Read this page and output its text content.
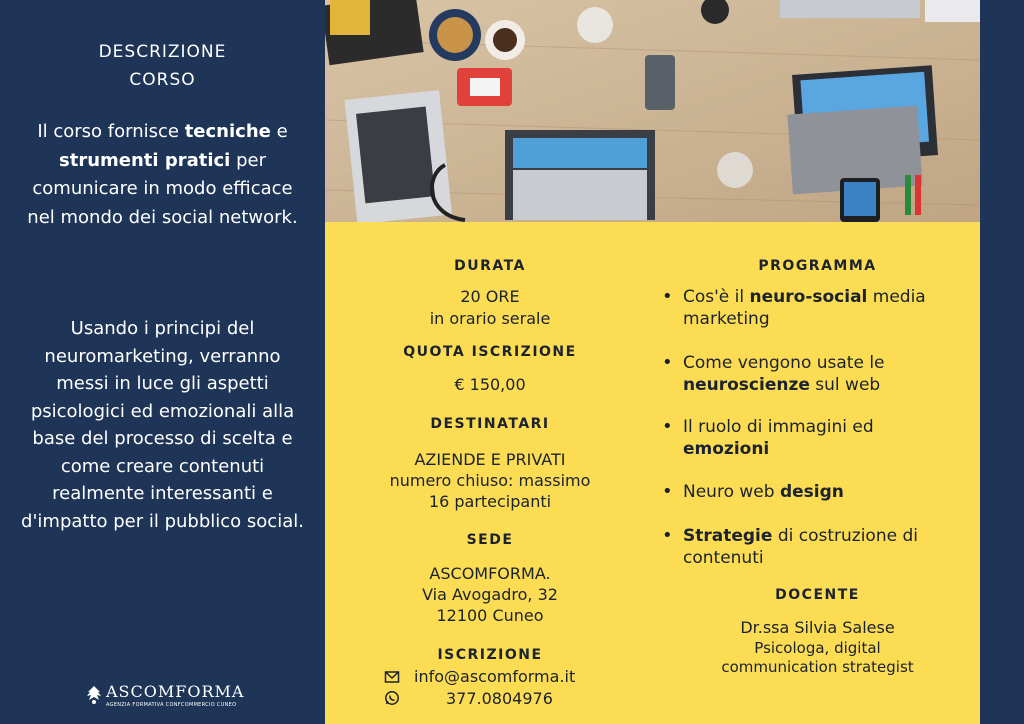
DESCRIZIONE
CORSO
Il corso fornisce tecniche e strumenti pratici per comunicare in modo efficace nel mondo dei social network.
Usando i principi del neuromarketing, verranno messi in luce gli aspetti psicologici ed emozionali alla base del processo di scelta e come creare contenuti realmente interessanti e d'impatto per il pubblico social.
ASCOMFORMA
AGENZIA FORMATIVA CONFCOMMERCIO CUNEO
DURATA
20 ORE
in orario serale
QUOTA ISCRIZIONE
€ 150,00
DESTINATARI
AZIENDE E PRIVATI
numero chiuso: massimo
16 partecipanti
SEDE
ASCOMFORMA.
Via Avogadro, 32
12100 Cuneo
ISCRIZIONE
info@ascomforma.it
377.0804976
PROGRAMMA
• Cos'è il neuro-social media marketing
• Come vengono usate le neuroscienze sul web
• Il ruolo di immagini ed emozioni
• Neuro web design
• Strategie di costruzione di contenuti
DOCENTE
Dr.ssa Silvia Salese
Psicologa, digital
communication strategist
